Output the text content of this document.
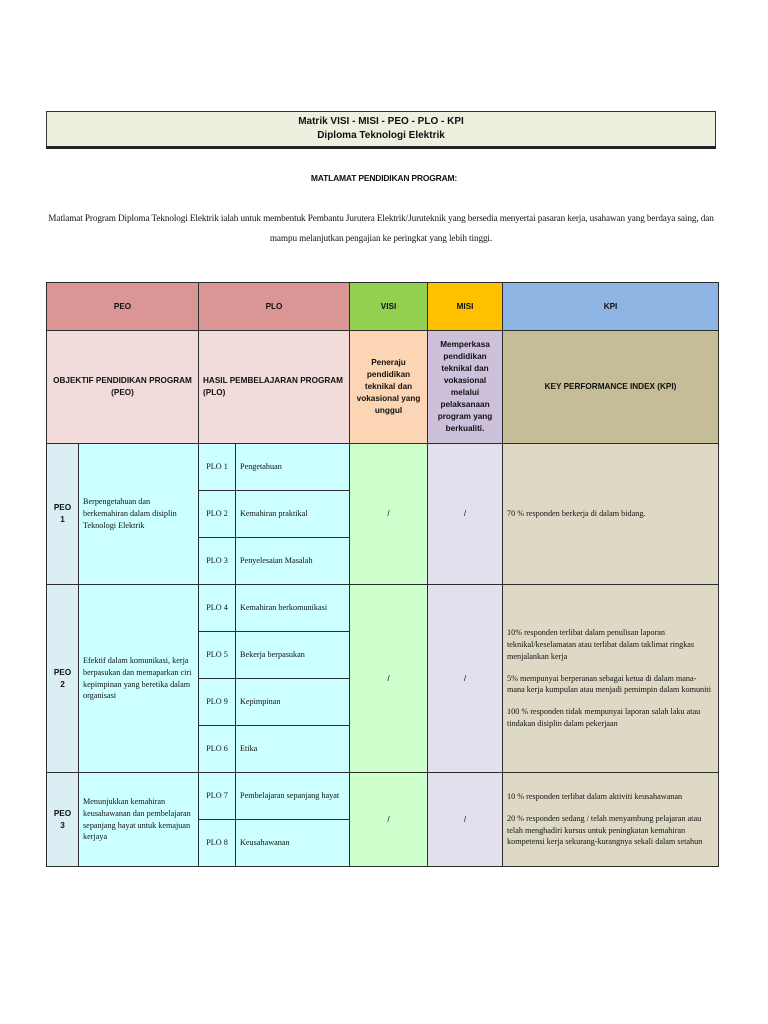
Matrik VISI - MISI - PEO - PLO - KPI
Diploma Teknologi Elektrik
MATLAMAT PENDIDIKAN PROGRAM:
Matlamat Program Diploma Teknologi Elektrik ialah untuk membentuk Pembantu Jurutera Elektrik/Juruteknik yang bersedia menyertai pasaran kerja, usahawan yang berdaya saing, dan mampu melanjutkan pengajian ke peringkat yang lebih tinggi.
PEO		PLO		VISI	MISI	KPI
OBJEKTIF PENDIDIKAN PROGRAM (PEO)		HASIL PEMBELAJARAN PROGRAM (PLO)		Peneraju pendidikan teknikal dan vokasional yang unggul	Memperkasa pendidikan teknikal dan vokasional melalui pelaksanaan program yang berkualiti.	KEY PERFORMANCE INDEX (KPI)
PEO 1	Berpengetahuan dan berkemahiran dalam disiplin Teknologi Elektrik	PLO 1	Pengetahuan	/	/	70 % responden berkerja di dalam bidang.

		PLO 2	Kemahiran praktikal			
		PLO 3	Penyelesaian Masalah			
PEO 2	Efektif dalam komunikasi, kerja berpasukan dan memaparkan ciri kepimpinan yang beretika dalam organisasi	PLO 4	Kemahiran berkomunikasi	/	/	10% responden terlibat dalam penulisan laporan teknikal/keselamatan atau terlibat dalam taklimat ringkas menjalankan kerja

5% mempunyai berperanan sebagai ketua di dalam mana-mana kerja kumpulan atau menjadi pemimpin dalam komuniti

100 % responden tidak mempunyai laporan salah laku atau tindakan disiplin dalam pekerjaan

		PLO 5	Bekerja berpasukan			
		PLO 9	Kepimpinan			
		PLO 6	Etika			
PEO 3	Menunjukkan kemahiran keusahawanan dan pembelajaran sepanjang hayat untuk kemajuan kerjaya	PLO 7	Pembelajaran sepanjang hayat	/	/	10 % responden terlibat dalam aktiviti keusahawanan

20 % responden sedang / telah menyambung pelajaran atau telah menghadiri kursus untuk peningkatan kemahiran kompetensi kerja sekurang-kurangnya sekali dalam setahun

		PLO 8	Keusahawanan			
